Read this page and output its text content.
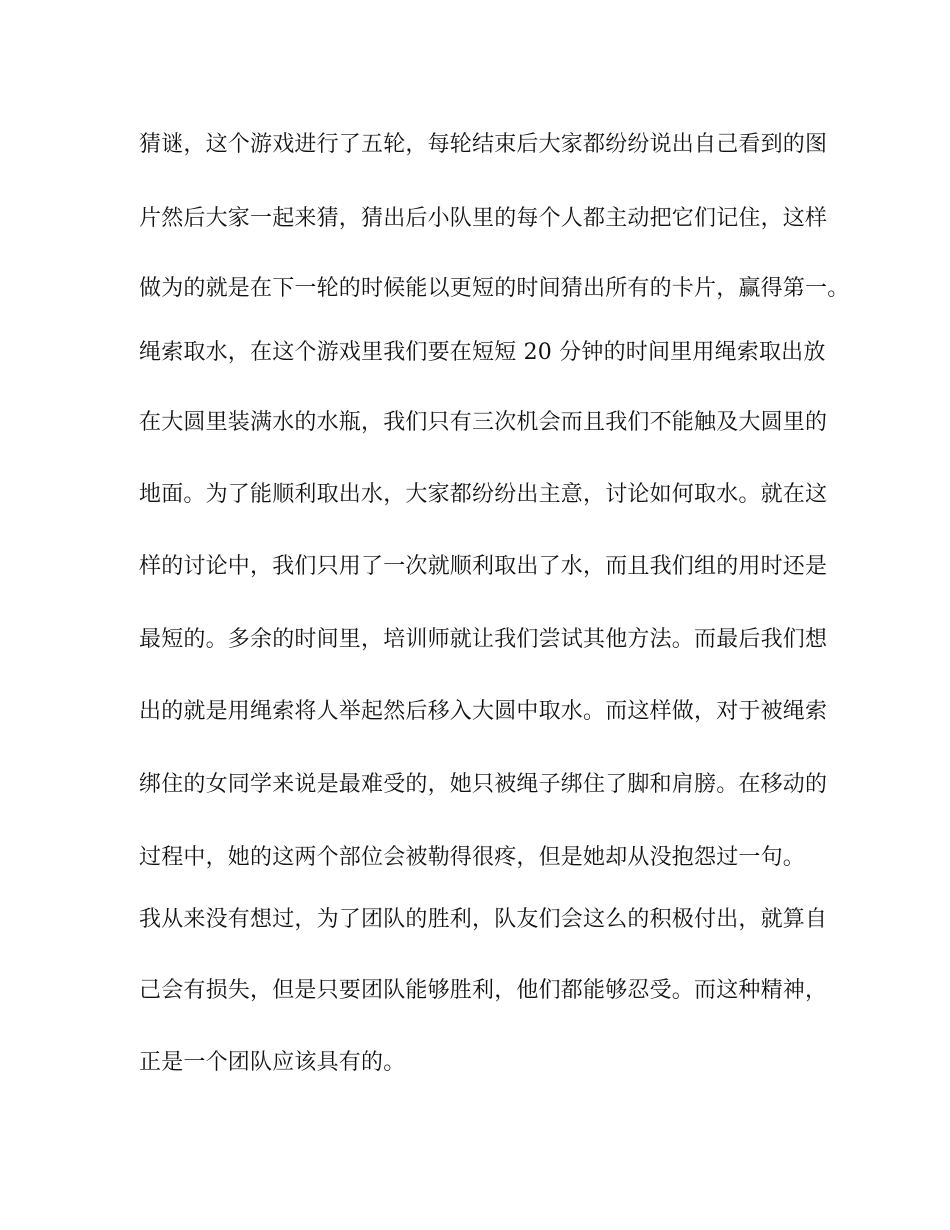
猜谜，这个游戏进行了五轮，每轮结束后大家都纷纷说出自己看到的图

片然后大家一起来猜，猜出后小队里的每个人都主动把它们记住，这样

做为的就是在下一轮的时候能以更短的时间猜出所有的卡片，赢得第一。

绳索取水，在这个游戏里我们要在短短 20 分钟的时间里用绳索取出放

在大圆里装满水的水瓶，我们只有三次机会而且我们不能触及大圆里的

地面。为了能顺利取出水，大家都纷纷出主意，讨论如何取水。就在这

样的讨论中，我们只用了一次就顺利取出了水，而且我们组的用时还是

最短的。多余的时间里，培训师就让我们尝试其他方法。而最后我们想

出的就是用绳索将人举起然后移入大圆中取水。而这样做，对于被绳索

绑住的女同学来说是最难受的，她只被绳子绑住了脚和肩膀。在移动的

过程中，她的这两个部位会被勒得很疼，但是她却从没抱怨过一句。

我从来没有想过，为了团队的胜利，队友们会这么的积极付出，就算自

己会有损失，但是只要团队能够胜利，他们都能够忍受。而这种精神，

正是一个团队应该具有的。
